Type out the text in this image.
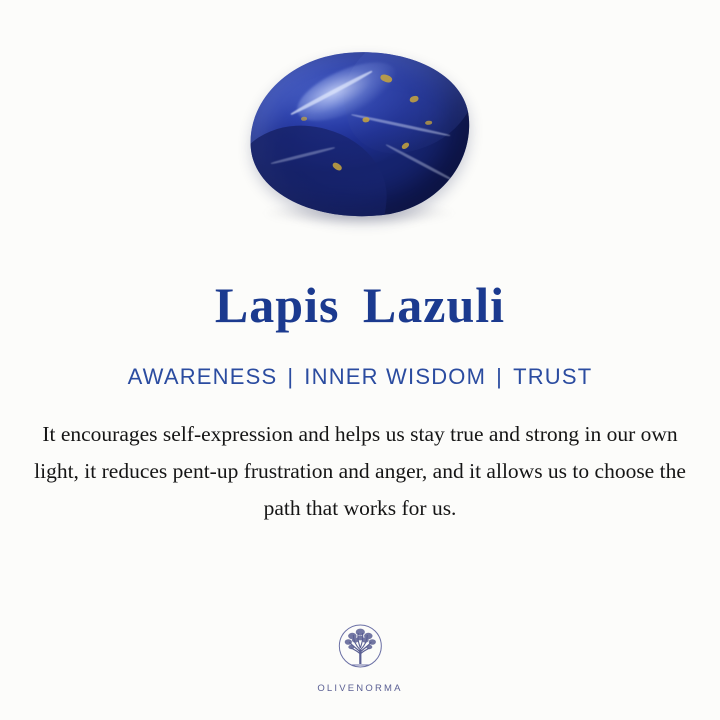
Lapis Lazuli
AWARENESS | INNER WISDOM | TRUST

It encourages self-expression and helps us stay true and strong in our own light, it reduces pent-up frustration and anger, and it allows us to choose the path that works for us.

OLIVENORMA
